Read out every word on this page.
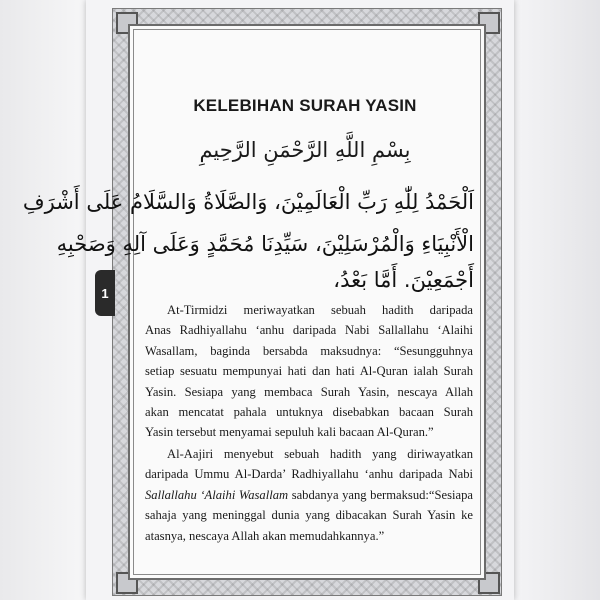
1
KELEBIHAN SURAH YASIN
بِسْمِ اللَّهِ الرَّحْمَنِ الرَّحِيمِ
اَلْحَمْدُ لِلّٰهِ رَبِّ الْعَالَمِيْنَ، وَالصَّلَاةُ وَالسَّلَامُ عَلَى أَشْرَفِ
الْأَنْبِيَاءِ وَالْمُرْسَلِيْنَ، سَيِّدِنَا مُحَمَّدٍ وَعَلَى آلِهِ وَصَحْبِهِ
أَجْمَعِيْنَ. أَمَّا بَعْدُ،
At-Tirmidzi meriwayatkan sebuah hadith daripada
Anas Radhiyallahu ‘anhu daripada Nabi Sallallahu ‘Alaihi
Wasallam, baginda bersabda maksudnya: “Sesungguhnya
setiap sesuatu mempunyai hati dan hati Al-Quran ialah Surah
Yasin. Sesiapa yang membaca Surah Yasin, nescaya Allah
akan mencatat pahala untuknya disebabkan bacaan Surah
Yasin tersebut menyamai sepuluh kali bacaan Al-Quran.”
Al-Aajiri menyebut sebuah hadith yang diriwayatkan
daripada Ummu Al-Darda’ Radhiyallahu ‘anhu daripada Nabi
Sallallahu ‘Alaihi Wasallam sabdanya yang bermaksud:“Sesiapa
sahaja yang meninggal dunia yang dibacakan Surah Yasin ke
atasnya, nescaya Allah akan memudahkannya.”
